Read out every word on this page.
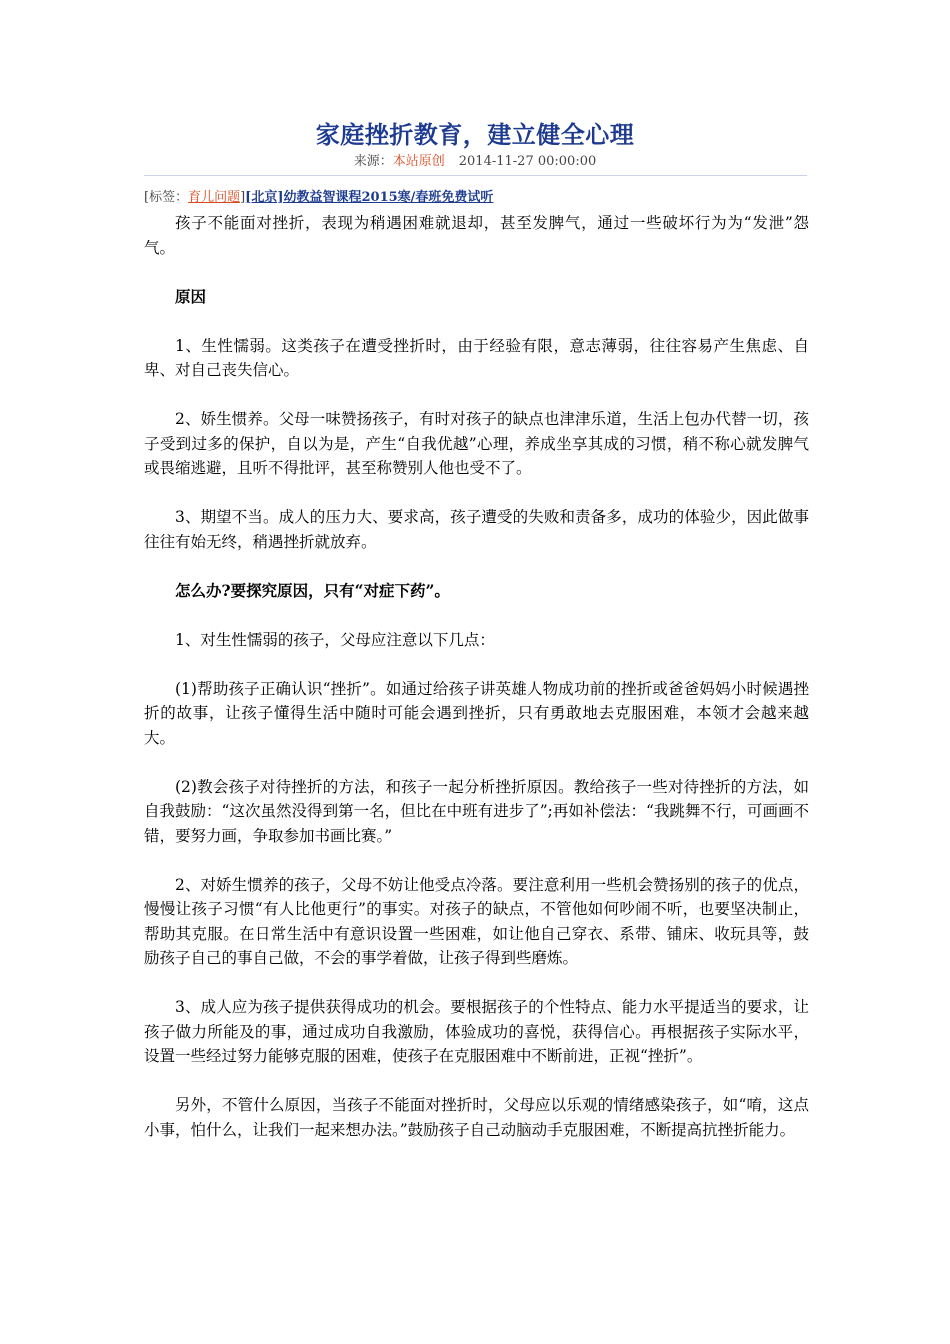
家庭挫折教育，建立健全心理
来源：本站原创 2014-11-27 00:00:00
[标签：育儿问题][北京]幼教益智课程2015寒/春班免费试听

孩子不能面对挫折，表现为稍遇困难就退却，甚至发脾气，通过一些破坏行为为“发泄”怨气。

原因

1、生性懦弱。这类孩子在遭受挫折时，由于经验有限，意志薄弱，往往容易产生焦虑、自卑、对自己丧失信心。

2、娇生惯养。父母一味赞扬孩子，有时对孩子的缺点也津津乐道，生活上包办代替一切，孩子受到过多的保护，自以为是，产生“自我优越”心理，养成坐享其成的习惯，稍不称心就发脾气或畏缩逃避，且听不得批评，甚至称赞别人他也受不了。

3、期望不当。成人的压力大、要求高，孩子遭受的失败和责备多，成功的体验少，因此做事往往有始无终，稍遇挫折就放弃。

怎么办?要探究原因，只有“对症下药”。

1、对生性懦弱的孩子，父母应注意以下几点：

(1)帮助孩子正确认识“挫折”。如通过给孩子讲英雄人物成功前的挫折或爸爸妈妈小时候遇挫折的故事，让孩子懂得生活中随时可能会遇到挫折，只有勇敢地去克服困难，本领才会越来越大。

(2)教会孩子对待挫折的方法，和孩子一起分析挫折原因。教给孩子一些对待挫折的方法，如自我鼓励：“这次虽然没得到第一名，但比在中班有进步了”;再如补偿法：“我跳舞不行，可画画不错，要努力画，争取参加书画比赛。”

2、对娇生惯养的孩子，父母不妨让他受点冷落。要注意利用一些机会赞扬别的孩子的优点，慢慢让孩子习惯“有人比他更行”的事实。对孩子的缺点，不管他如何吵闹不听，也要坚决制止，帮助其克服。在日常生活中有意识设置一些困难，如让他自己穿衣、系带、铺床、收玩具等，鼓励孩子自己的事自己做，不会的事学着做，让孩子得到些磨炼。

3、成人应为孩子提供获得成功的机会。要根据孩子的个性特点、能力水平提适当的要求，让孩子做力所能及的事，通过成功自我激励，体验成功的喜悦，获得信心。再根据孩子实际水平，设置一些经过努力能够克服的困难，使孩子在克服困难中不断前进，正视“挫折”。

另外，不管什么原因，当孩子不能面对挫折时，父母应以乐观的情绪感染孩子，如“唷，这点小事，怕什么，让我们一起来想办法。”鼓励孩子自己动脑动手克服困难，不断提高抗挫折能力。
